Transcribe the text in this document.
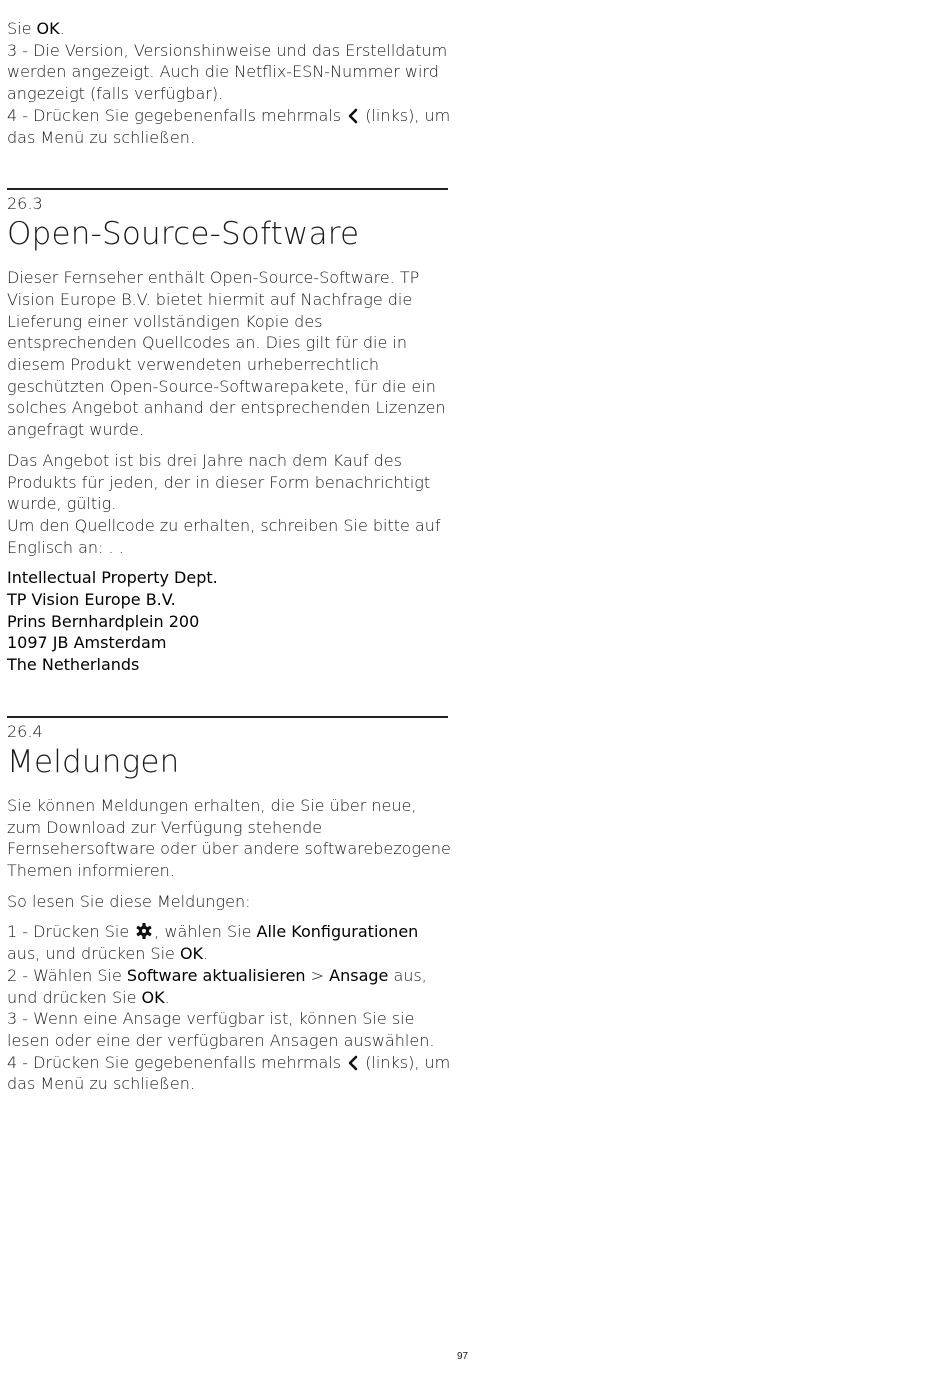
Sie OK.
3 - Die Version, Versionshinweise und das Erstelldatum werden angezeigt. Auch die Netflix-ESN-Nummer wird angezeigt (falls verfügbar).
4 - Drücken Sie gegebenenfalls mehrmals  (links), um das Menü zu schließen.

26.3

Open-Source-Software

Dieser Fernseher enthält Open-Source-Software. TP Vision Europe B.V. bietet hiermit auf Nachfrage die Lieferung einer vollständigen Kopie des entsprechenden Quellcodes an. Dies gilt für die in diesem Produkt verwendeten urheberrechtlich geschützten Open-Source-Softwarepakete, für die ein solches Angebot anhand der entsprechenden Lizenzen angefragt wurde.

Das Angebot ist bis drei Jahre nach dem Kauf des Produkts für jeden, der in dieser Form benachrichtigt wurde, gültig.
Um den Quellcode zu erhalten, schreiben Sie bitte auf Englisch an: . .

Intellectual Property Dept.
TP Vision Europe B.V.
Prins Bernhardplein 200
1097 JB Amsterdam
The Netherlands

26.4

Meldungen

Sie können Meldungen erhalten, die Sie über neue, zum Download zur Verfügung stehende Fernsehersoftware oder über andere softwarebezogene Themen informieren.

So lesen Sie diese Meldungen:

1 - Drücken Sie , wählen Sie Alle Konfigurationen aus, und drücken Sie OK.
2 - Wählen Sie Software aktualisieren > Ansage aus, und drücken Sie OK.
3 - Wenn eine Ansage verfügbar ist, können Sie sie lesen oder eine der verfügbaren Ansagen auswählen.
4 - Drücken Sie gegebenenfalls mehrmals  (links), um das Menü zu schließen.

97
